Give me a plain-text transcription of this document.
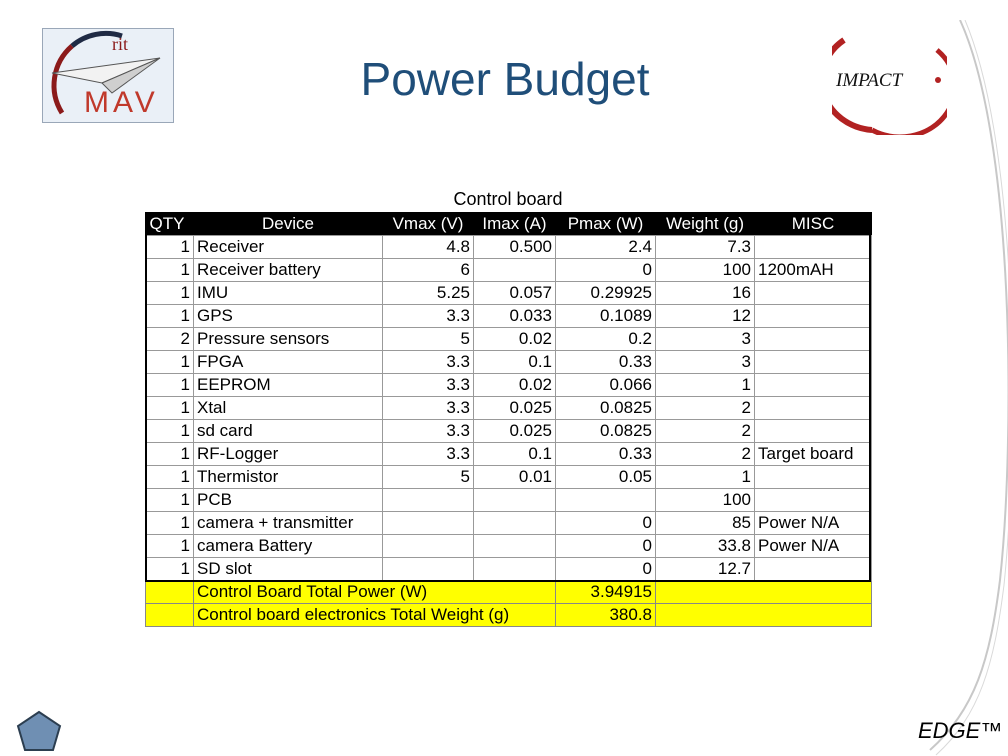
rit
MAV	Power Budget	IMPACT
Control board
QTY	Device	Vmax (V)	Imax (A)	Pmax (W)	Weight (g)	MISC
1	Receiver	4.8	0.500	2.4	7.3	
1	Receiver battery	6		0	100	1200mAH
1	IMU	5.25	0.057	0.29925	16	
1	GPS	3.3	0.033	0.1089	12	
2	Pressure sensors	5	0.02	0.2	3	
1	FPGA	3.3	0.1	0.33	3	
1	EEPROM	3.3	0.02	0.066	1	
1	Xtal	3.3	0.025	0.0825	2	
1	sd card	3.3	0.025	0.0825	2	
1	RF-Logger	3.3	0.1	0.33	2	Target board
1	Thermistor	5	0.01	0.05	1	
1	PCB				100	
1	camera + transmitter			0	85	Power N/A
1	camera Battery			0	33.8	Power N/A
1	SD slot			0	12.7	
	Control Board Total Power (W)			3.94915		
	Control board electronics Total Weight (g)			380.8		
EDGE™
